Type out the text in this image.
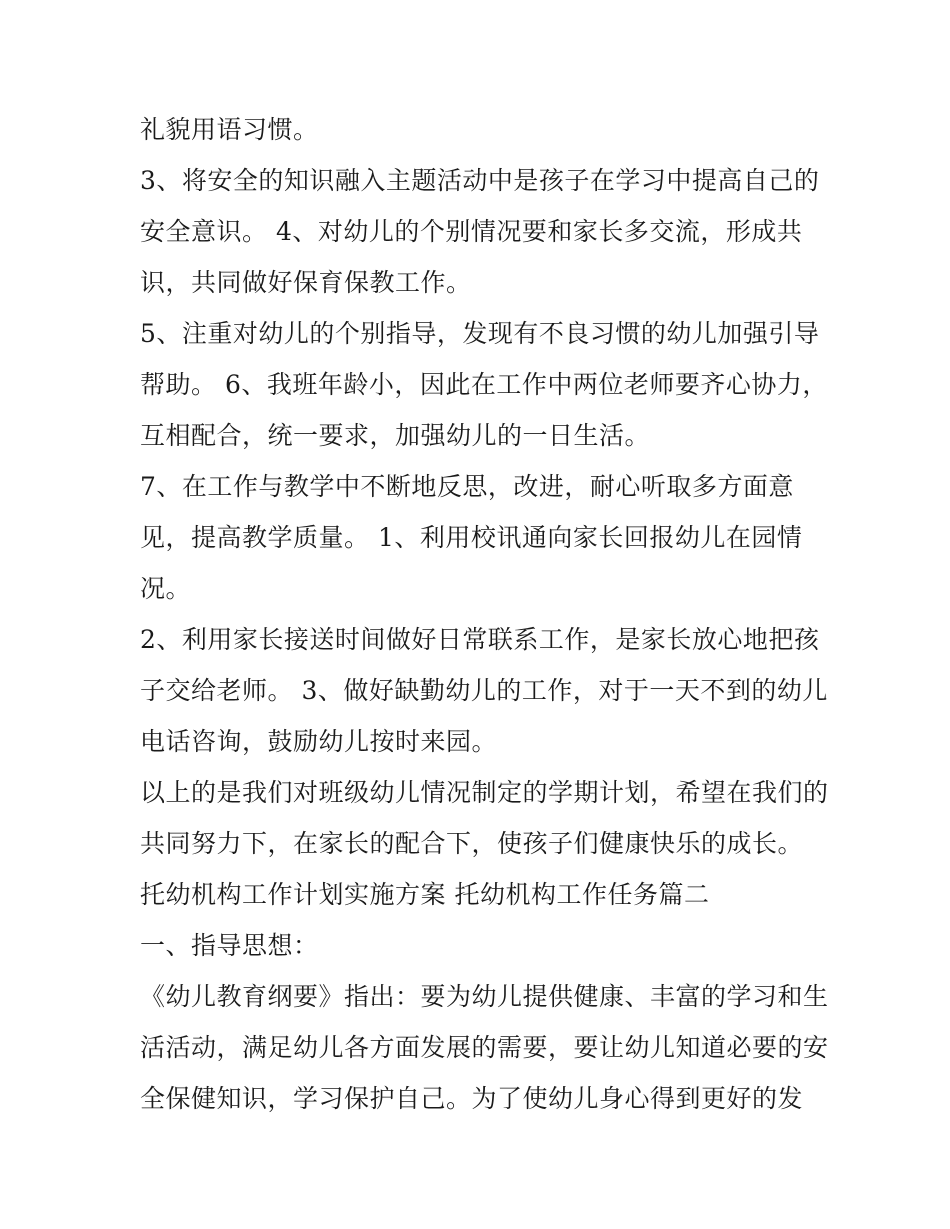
礼貌用语习惯。
3、将安全的知识融入主题活动中是孩子在学习中提高自己的
安全意识。 4、对幼儿的个别情况要和家长多交流，形成共
识，共同做好保育保教工作。
5、注重对幼儿的个别指导，发现有不良习惯的幼儿加强引导
帮助。 6、我班年龄小，因此在工作中两位老师要齐心协力，
互相配合，统一要求，加强幼儿的一日生活。
7、在工作与教学中不断地反思，改进，耐心听取多方面意
见，提高教学质量。 1、利用校讯通向家长回报幼儿在园情
况。
2、利用家长接送时间做好日常联系工作，是家长放心地把孩
子交给老师。 3、做好缺勤幼儿的工作，对于一天不到的幼儿
电话咨询，鼓励幼儿按时来园。
以上的是我们对班级幼儿情况制定的学期计划，希望在我们的
共同努力下，在家长的配合下，使孩子们健康快乐的成长。
托幼机构工作计划实施方案 托幼机构工作任务篇二
一、指导思想：
《幼儿教育纲要》指出：要为幼儿提供健康、丰富的学习和生
活活动，满足幼儿各方面发展的需要，要让幼儿知道必要的安
全保健知识，学习保护自己。为了使幼儿身心得到更好的发
